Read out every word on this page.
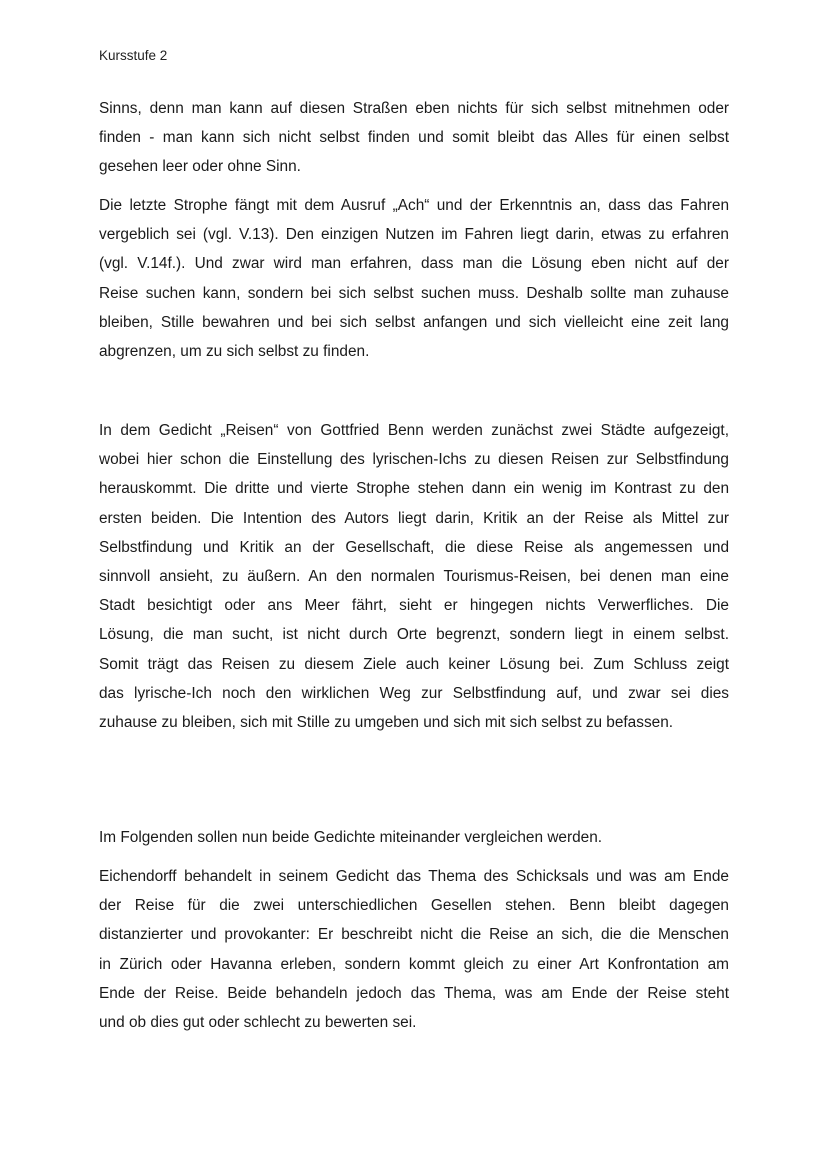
Kursstufe 2
Sinns, denn man kann auf diesen Straßen eben nichts für sich selbst mitnehmen oder
finden - man kann sich nicht selbst finden und somit bleibt das Alles für einen selbst
gesehen leer oder ohne Sinn.
Die letzte Strophe fängt mit dem Ausruf „Ach“ und der Erkenntnis an, dass das Fahren
vergeblich sei (vgl. V.13). Den einzigen Nutzen im Fahren liegt darin, etwas zu erfahren
(vgl. V.14f.). Und zwar wird man erfahren, dass man die Lösung eben nicht auf der
Reise suchen kann, sondern bei sich selbst suchen muss. Deshalb sollte man zuhause
bleiben, Stille bewahren und bei sich selbst anfangen und sich vielleicht eine zeit lang
abgrenzen, um zu sich selbst zu finden.
In dem Gedicht „Reisen“ von Gottfried Benn werden zunächst zwei Städte aufgezeigt,
wobei hier schon die Einstellung des lyrischen-Ichs zu diesen Reisen zur Selbstfindung
herauskommt. Die dritte und vierte Strophe stehen dann ein wenig im Kontrast zu den
ersten beiden. Die Intention des Autors liegt darin, Kritik an der Reise als Mittel zur
Selbstfindung und Kritik an der Gesellschaft, die diese Reise als angemessen und
sinnvoll ansieht, zu äußern. An den normalen Tourismus-Reisen, bei denen man eine
Stadt besichtigt oder ans Meer fährt, sieht er hingegen nichts Verwerfliches. Die
Lösung, die man sucht, ist nicht durch Orte begrenzt, sondern liegt in einem selbst.
Somit trägt das Reisen zu diesem Ziele auch keiner Lösung bei. Zum Schluss zeigt
das lyrische-Ich noch den wirklichen Weg zur Selbstfindung auf, und zwar sei dies
zuhause zu bleiben, sich mit Stille zu umgeben und sich mit sich selbst zu befassen.
Im Folgenden sollen nun beide Gedichte miteinander vergleichen werden.
Eichendorff behandelt in seinem Gedicht das Thema des Schicksals und was am Ende
der Reise für die zwei unterschiedlichen Gesellen stehen. Benn bleibt dagegen
distanzierter und provokanter: Er beschreibt nicht die Reise an sich, die die Menschen
in Zürich oder Havanna erleben, sondern kommt gleich zu einer Art Konfrontation am
Ende der Reise. Beide behandeln jedoch das Thema, was am Ende der Reise steht
und ob dies gut oder schlecht zu bewerten sei.
